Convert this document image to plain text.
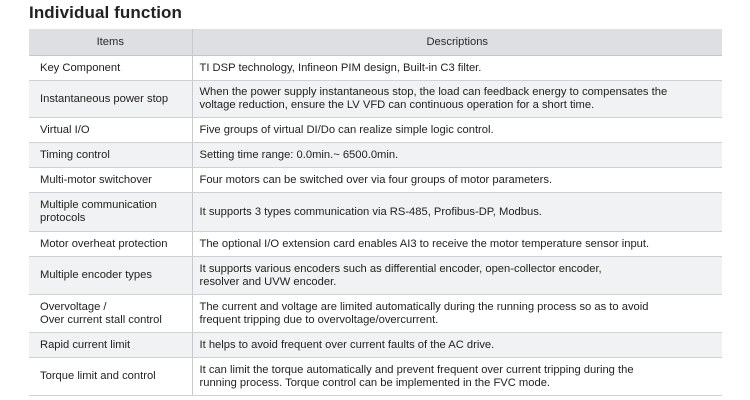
Individual function
Items	Descriptions
Key Component	TI DSP technology, Infineon PIM design, Built-in C3 filter.
Instantaneous power stop	When the power supply instantaneous stop, the load can feedback energy to compensates the
voltage reduction, ensure the LV VFD can continuous operation for a short time.
Virtual I/O	Five groups of virtual DI/Do can realize simple logic control.
Timing control	Setting time range: 0.0min.~ 6500.0min.
Multi-motor switchover	Four motors can be switched over via four groups of motor parameters.
Multiple communication
protocols	It supports 3 types communication via RS-485, Profibus-DP, Modbus.
Motor overheat protection	The optional I/O extension card enables AI3 to receive the motor temperature sensor input.
Multiple encoder types	It supports various encoders such as differential encoder, open-collector encoder,
resolver and UVW encoder.
Overvoltage /
Over current stall control	The current and voltage are limited automatically during the running process so as to avoid
frequent tripping due to overvoltage/overcurrent.
Rapid current limit	It helps to avoid frequent over current faults of the AC drive.
Torque limit and control	It can limit the torque automatically and prevent frequent over current tripping during the
running process. Torque control can be implemented in the FVC mode.
